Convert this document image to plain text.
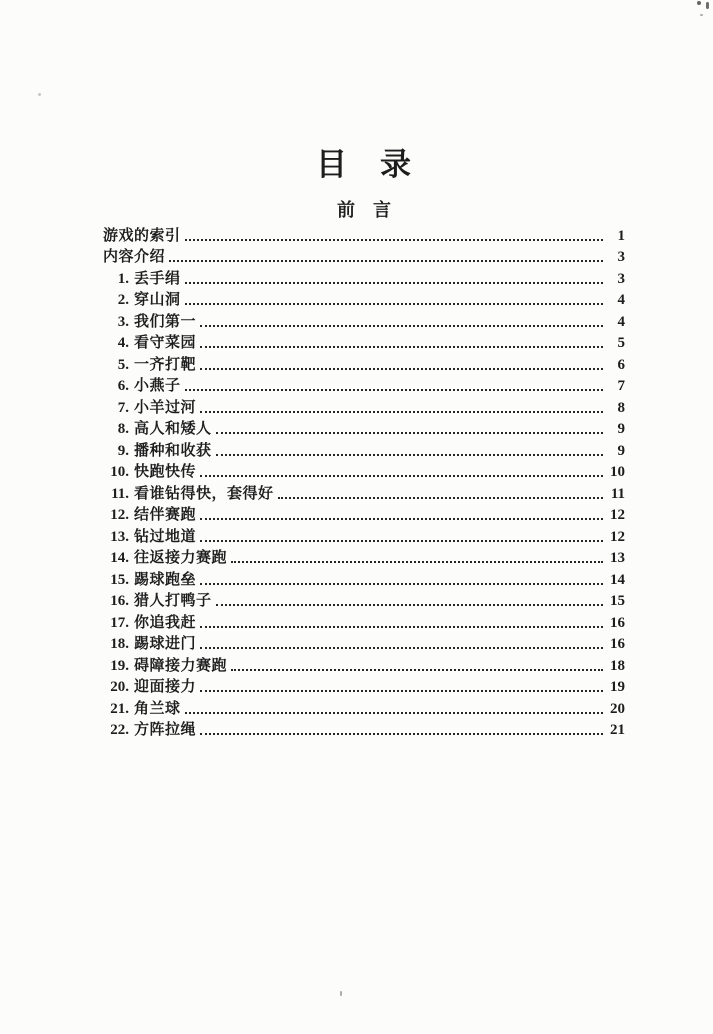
目　录
前　言
游戏的索引	1
内容介绍	3
1. 丢手绢	3
2. 穿山洞	4
3. 我们第一	4
4. 看守菜园	5
5. 一齐打靶	6
6. 小燕子	7
7. 小羊过河	8
8. 高人和矮人	9
9. 播种和收获	9
10. 快跑快传	10
11. 看谁钻得快，套得好	11
12. 结伴赛跑	12
13. 钻过地道	12
14. 往返接力赛跑	13
15. 踢球跑垒	14
16. 猎人打鸭子	15
17. 你追我赶	16
18. 踢球进门	16
19. 碍障接力赛跑	18
20. 迎面接力	19
21. 角兰球	20
22. 方阵拉绳	21
